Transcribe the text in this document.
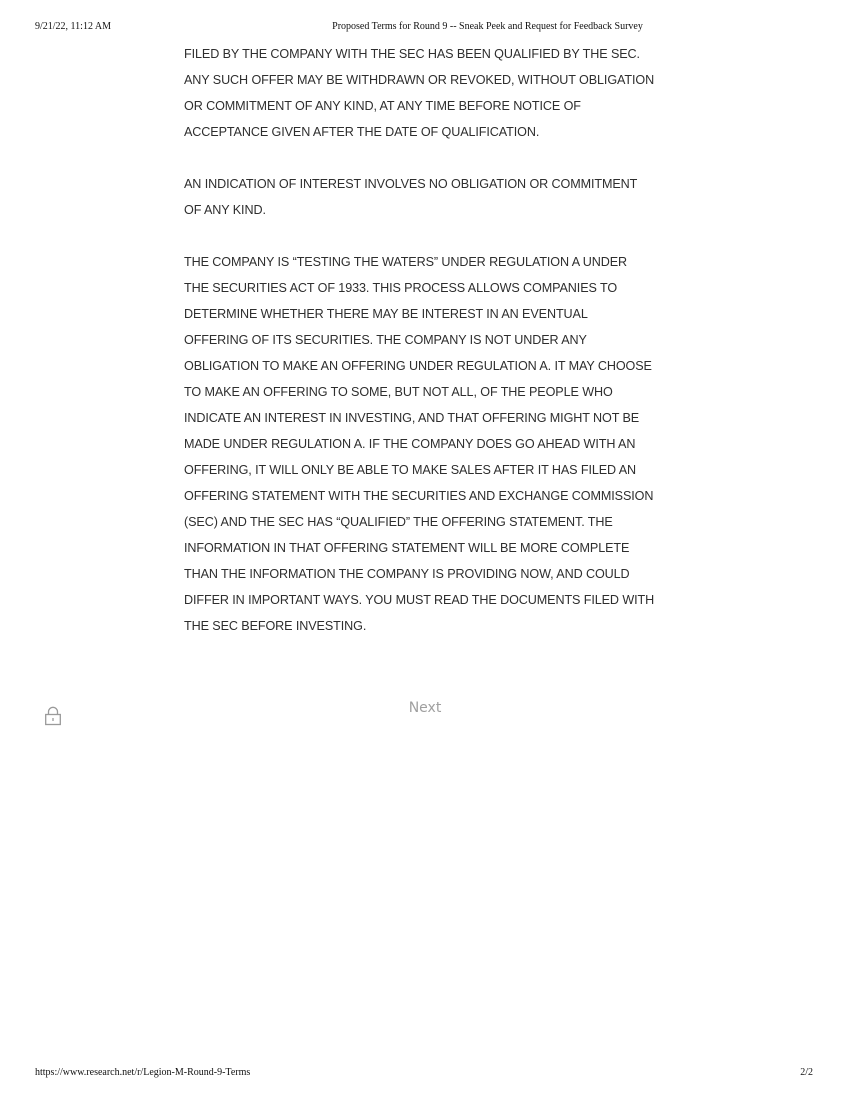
9/21/22, 11:12 AM	Proposed Terms for Round 9 -- Sneak Peek and Request for Feedback Survey

FILED BY THE COMPANY WITH THE SEC HAS BEEN QUALIFIED BY THE SEC.
ANY SUCH OFFER MAY BE WITHDRAWN OR REVOKED, WITHOUT OBLIGATION
OR COMMITMENT OF ANY KIND, AT ANY TIME BEFORE NOTICE OF
ACCEPTANCE GIVEN AFTER THE DATE OF QUALIFICATION.

AN INDICATION OF INTEREST INVOLVES NO OBLIGATION OR COMMITMENT
OF ANY KIND.

THE COMPANY IS “TESTING THE WATERS” UNDER REGULATION A UNDER
THE SECURITIES ACT OF 1933. THIS PROCESS ALLOWS COMPANIES TO
DETERMINE WHETHER THERE MAY BE INTEREST IN AN EVENTUAL
OFFERING OF ITS SECURITIES. THE COMPANY IS NOT UNDER ANY
OBLIGATION TO MAKE AN OFFERING UNDER REGULATION A. IT MAY CHOOSE
TO MAKE AN OFFERING TO SOME, BUT NOT ALL, OF THE PEOPLE WHO
INDICATE AN INTEREST IN INVESTING, AND THAT OFFERING MIGHT NOT BE
MADE UNDER REGULATION A. IF THE COMPANY DOES GO AHEAD WITH AN
OFFERING, IT WILL ONLY BE ABLE TO MAKE SALES AFTER IT HAS FILED AN
OFFERING STATEMENT WITH THE SECURITIES AND EXCHANGE COMMISSION
(SEC) AND THE SEC HAS “QUALIFIED” THE OFFERING STATEMENT. THE
INFORMATION IN THAT OFFERING STATEMENT WILL BE MORE COMPLETE
THAN THE INFORMATION THE COMPANY IS PROVIDING NOW, AND COULD
DIFFER IN IMPORTANT WAYS. YOU MUST READ THE DOCUMENTS FILED WITH
THE SEC BEFORE INVESTING.

Next
https://www.research.net/r/Legion-M-Round-9-Terms	2/2
